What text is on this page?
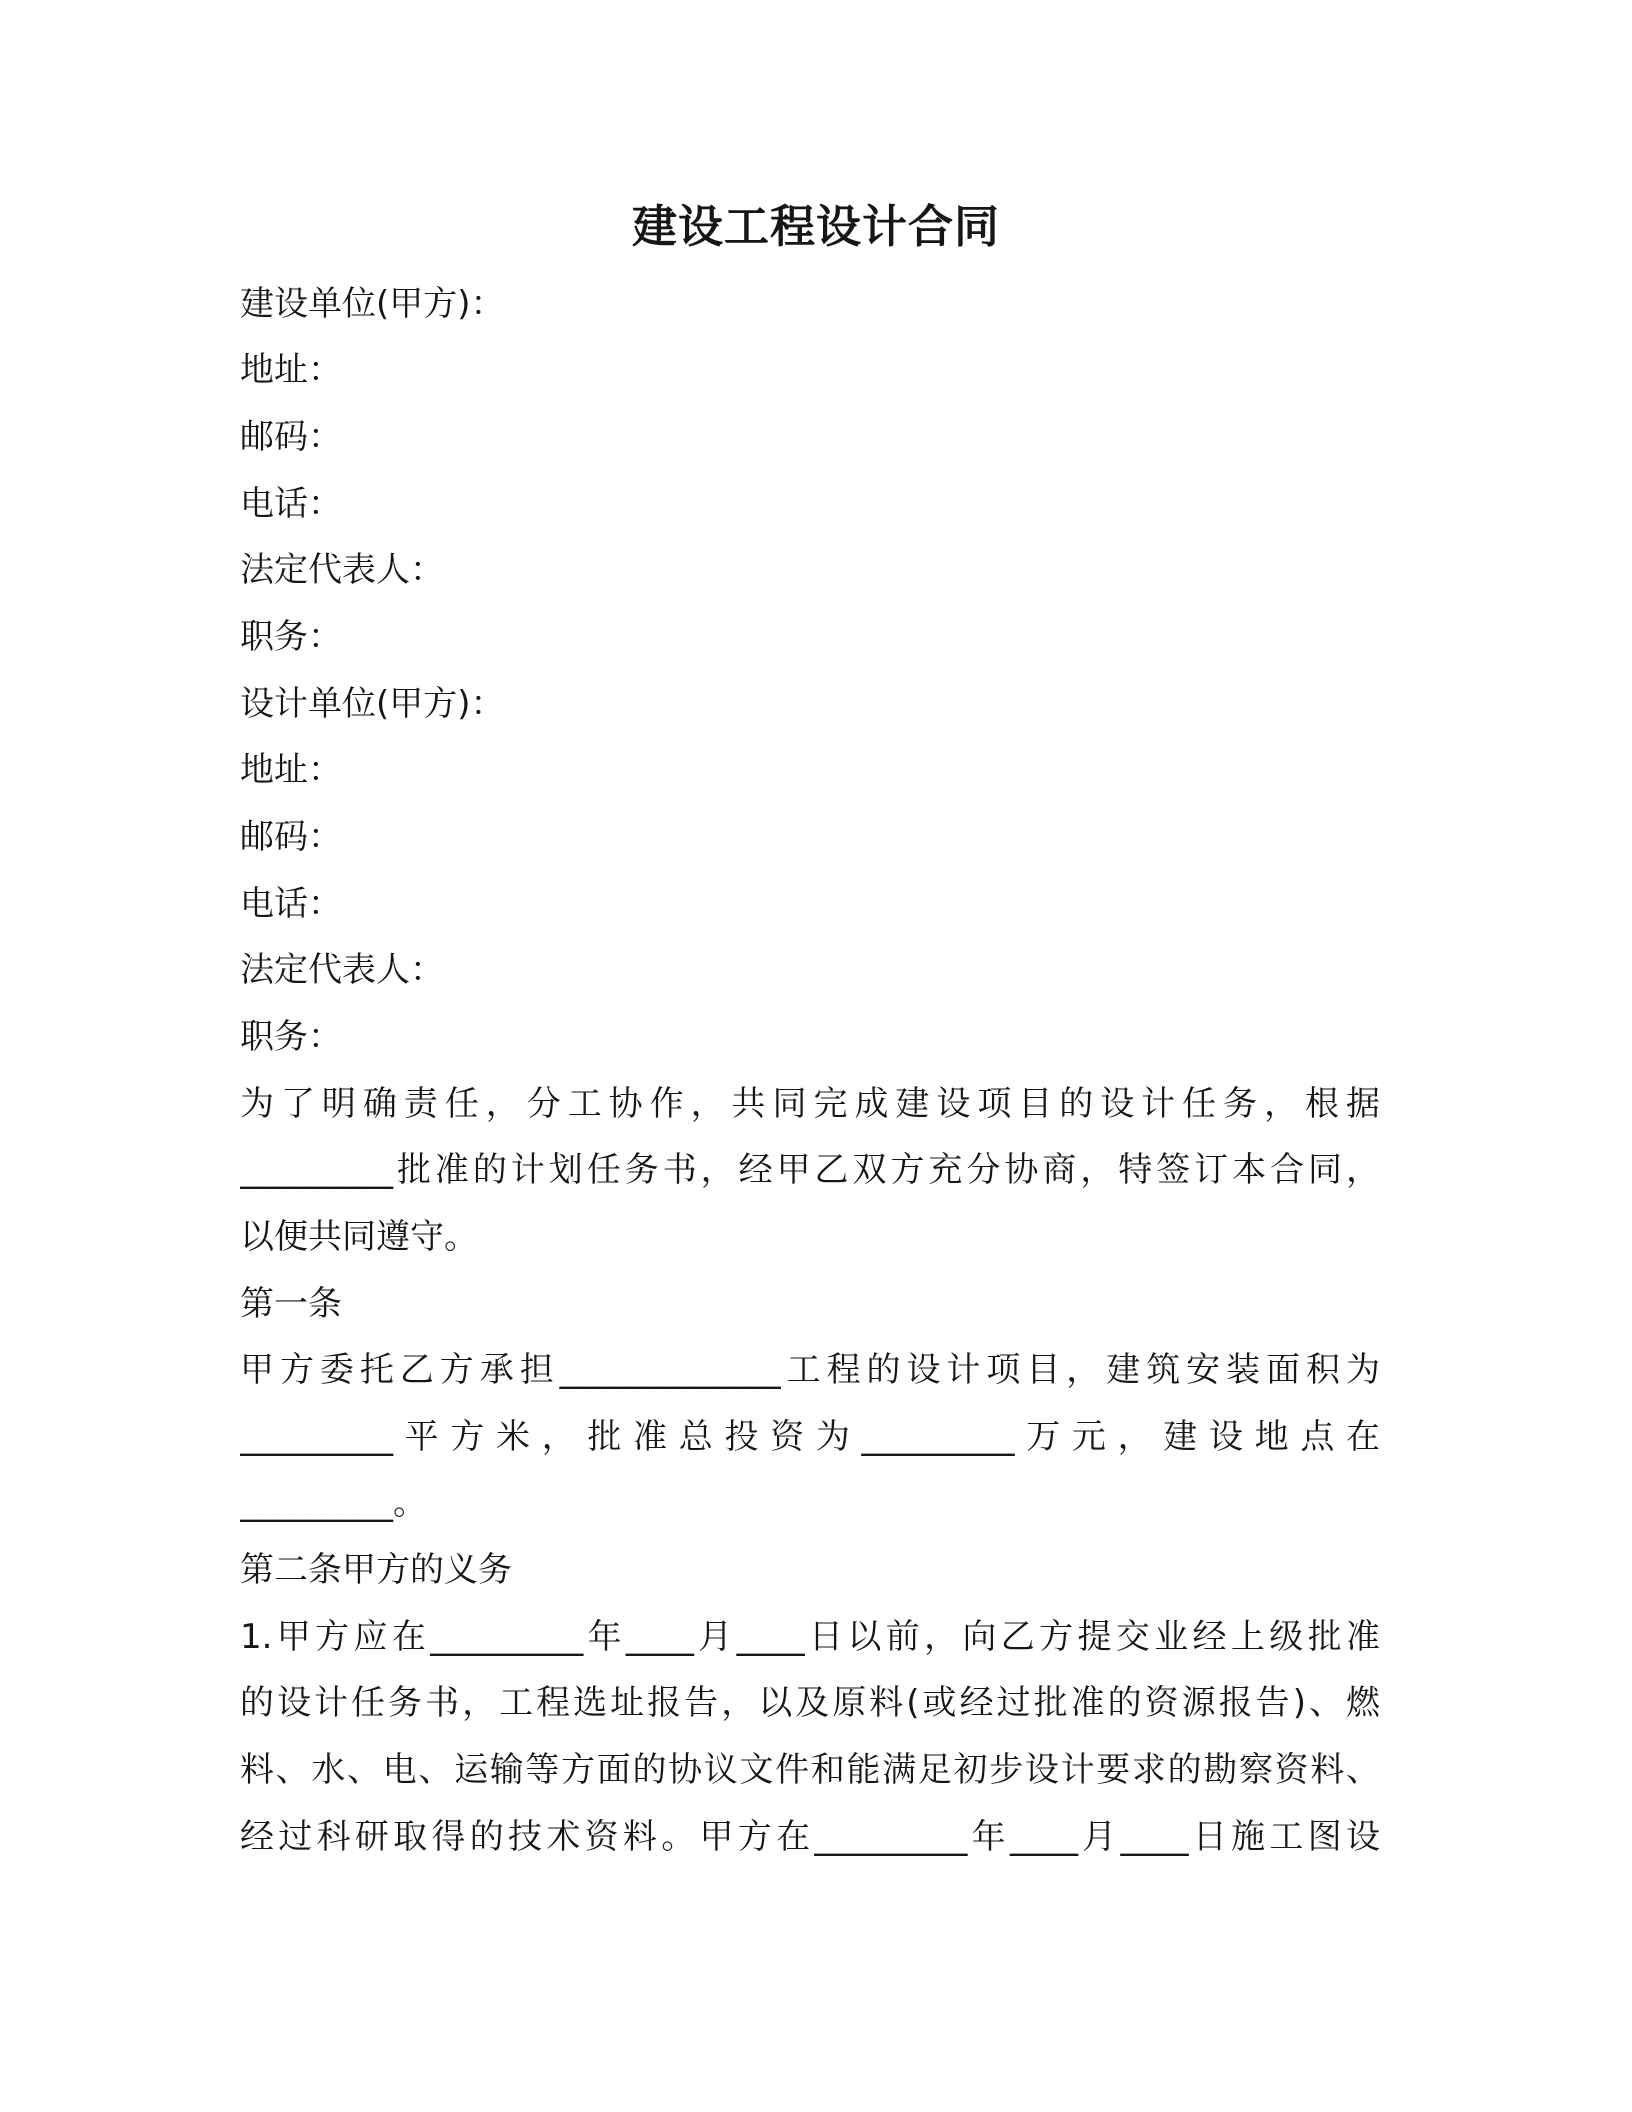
建设工程设计合同
建设单位(甲方)：
地址：
邮码：
电话：
法定代表人：
职务：
设计单位(甲方)：
地址：
邮码：
电话：
法定代表人：
职务：
为了明确责任，分工协作，共同完成建设项目的设计任务，根据
_________批准的计划任务书，经甲乙双方充分协商，特签订本合同，
以便共同遵守。
第一条
甲方委托乙方承担_____________工程的设计项目，建筑安装面积为
_________平方米，批准总投资为_________万元，建设地点在
_________。
第二条甲方的义务
1.甲方应在_________年____月____日以前，向乙方提交业经上级批准
的设计任务书，工程选址报告，以及原料(或经过批准的资源报告)、燃
料、水、电、运输等方面的协议文件和能满足初步设计要求的勘察资料、
经过科研取得的技术资料。甲方在_________年____月____日施工图设
